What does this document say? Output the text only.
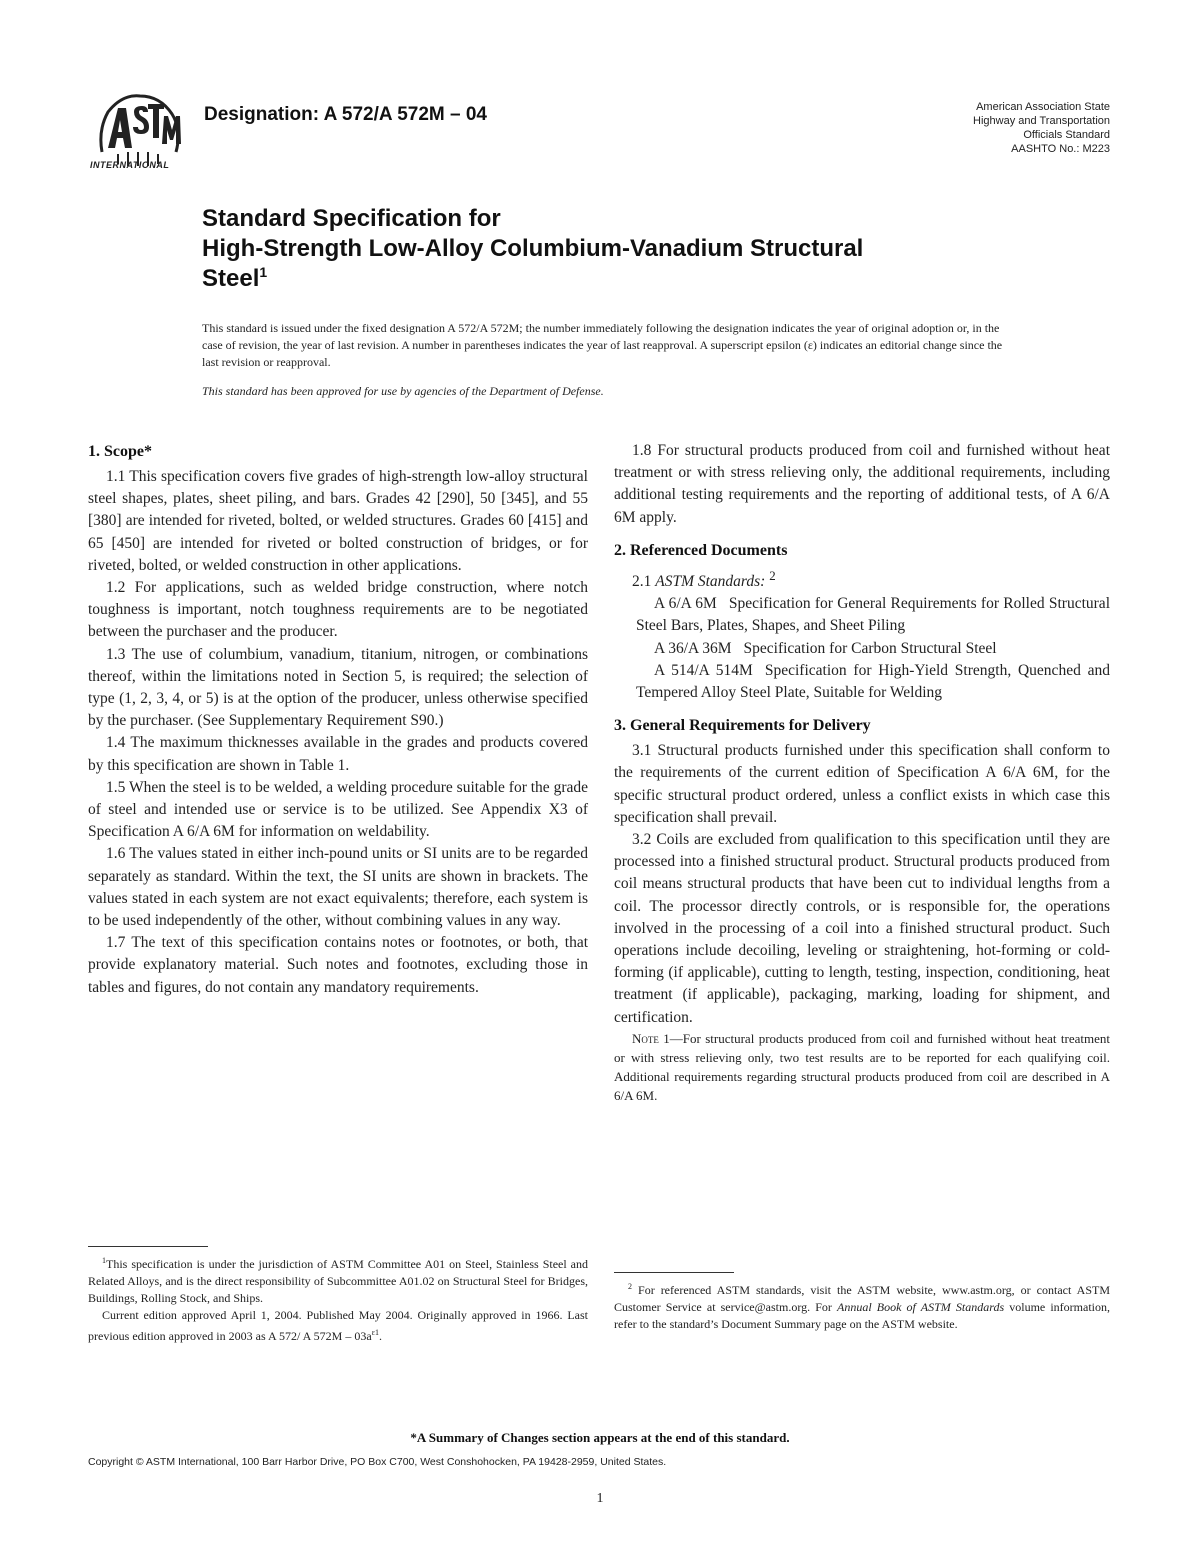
INTERNATIONAL
Designation: A 572/A 572M – 04	American Association State
Highway and Transportation
Officials Standard
AASHTO No.: M223
Standard Specification for
High-Strength Low-Alloy Columbium-Vanadium Structural
Steel$^1$
This standard is issued under the fixed designation A 572/A 572M; the number immediately following the designation indicates the year of original adoption or, in the case of revision, the year of last revision. A number in parentheses indicates the year of last reapproval. A superscript epsilon (ε) indicates an editorial change since the last revision or reapproval.
This standard has been approved for use by agencies of the Department of Defense.
1. Scope*

1.1 This specification covers five grades of high-strength low-alloy structural steel shapes, plates, sheet piling, and bars. Grades 42 [290], 50 [345], and 55 [380] are intended for riveted, bolted, or welded structures. Grades 60 [415] and 65 [450] are intended for riveted or bolted construction of bridges, or for riveted, bolted, or welded construction in other applications.

1.2 For applications, such as welded bridge construction, where notch toughness is important, notch toughness requirements are to be negotiated between the purchaser and the producer.

1.3 The use of columbium, vanadium, titanium, nitrogen, or combinations thereof, within the limitations noted in Section 5, is required; the selection of type (1, 2, 3, 4, or 5) is at the option of the producer, unless otherwise specified by the purchaser. (See Supplementary Requirement S90.)

1.4 The maximum thicknesses available in the grades and products covered by this specification are shown in Table 1.

1.5 When the steel is to be welded, a welding procedure suitable for the grade of steel and intended use or service is to be utilized. See Appendix X3 of Specification A 6/A 6M for information on weldability.

1.6 The values stated in either inch-pound units or SI units are to be regarded separately as standard. Within the text, the SI units are shown in brackets. The values stated in each system are not exact equivalents; therefore, each system is to be used independently of the other, without combining values in any way.

1.7 The text of this specification contains notes or footnotes, or both, that provide explanatory material. Such notes and footnotes, excluding those in tables and figures, do not contain any mandatory requirements.

1.8 For structural products produced from coil and furnished without heat treatment or with stress relieving only, the additional requirements, including additional testing requirements and the reporting of additional tests, of A 6/A 6M apply.

2. Referenced Documents

2.1 ASTM Standards: $^2$

A 6/A 6M Specification for General Requirements for Rolled Structural Steel Bars, Plates, Shapes, and Sheet Piling

A 36/A 36M Specification for Carbon Structural Steel

A 514/A 514M Specification for High-Yield Strength, Quenched and Tempered Alloy Steel Plate, Suitable for Welding

3. General Requirements for Delivery

3.1 Structural products furnished under this specification shall conform to the requirements of the current edition of Specification A 6/A 6M, for the specific structural product ordered, unless a conflict exists in which case this specification shall prevail.

3.2 Coils are excluded from qualification to this specification until they are processed into a finished structural product. Structural products produced from coil means structural products that have been cut to individual lengths from a coil. The processor directly controls, or is responsible for, the operations involved in the processing of a coil into a finished structural product. Such operations include decoiling, leveling or straightening, hot-forming or cold-forming (if applicable), cutting to length, testing, inspection, conditioning, heat treatment (if applicable), packaging, marking, loading for shipment, and certification.

Note 1—For structural products produced from coil and furnished without heat treatment or with stress relieving only, two test results are to be reported for each qualifying coil. Additional requirements regarding structural products produced from coil are described in A 6/A 6M.

$^1$This specification is under the jurisdiction of ASTM Committee A01 on Steel, Stainless Steel and Related Alloys, and is the direct responsibility of Subcommittee A01.02 on Structural Steel for Bridges, Buildings, Rolling Stock, and Ships.

Current edition approved April 1, 2004. Published May 2004. Originally approved in 1966. Last previous edition approved in 2003 as A 572/ A $572M - 03a^{\varepsilon 1}$.

$^2$ For referenced ASTM standards, visit the ASTM website, www.astm.org, or contact ASTM Customer Service at service@astm.org. For Annual Book of ASTM Standards volume information, refer to the standard’s Document Summary page on the ASTM website.

*A Summary of Changes section appears at the end of this standard.
Copyright © ASTM International, 100 Barr Harbor Drive, PO Box C700, West Conshohocken, PA 19428-2959, United States.
1
